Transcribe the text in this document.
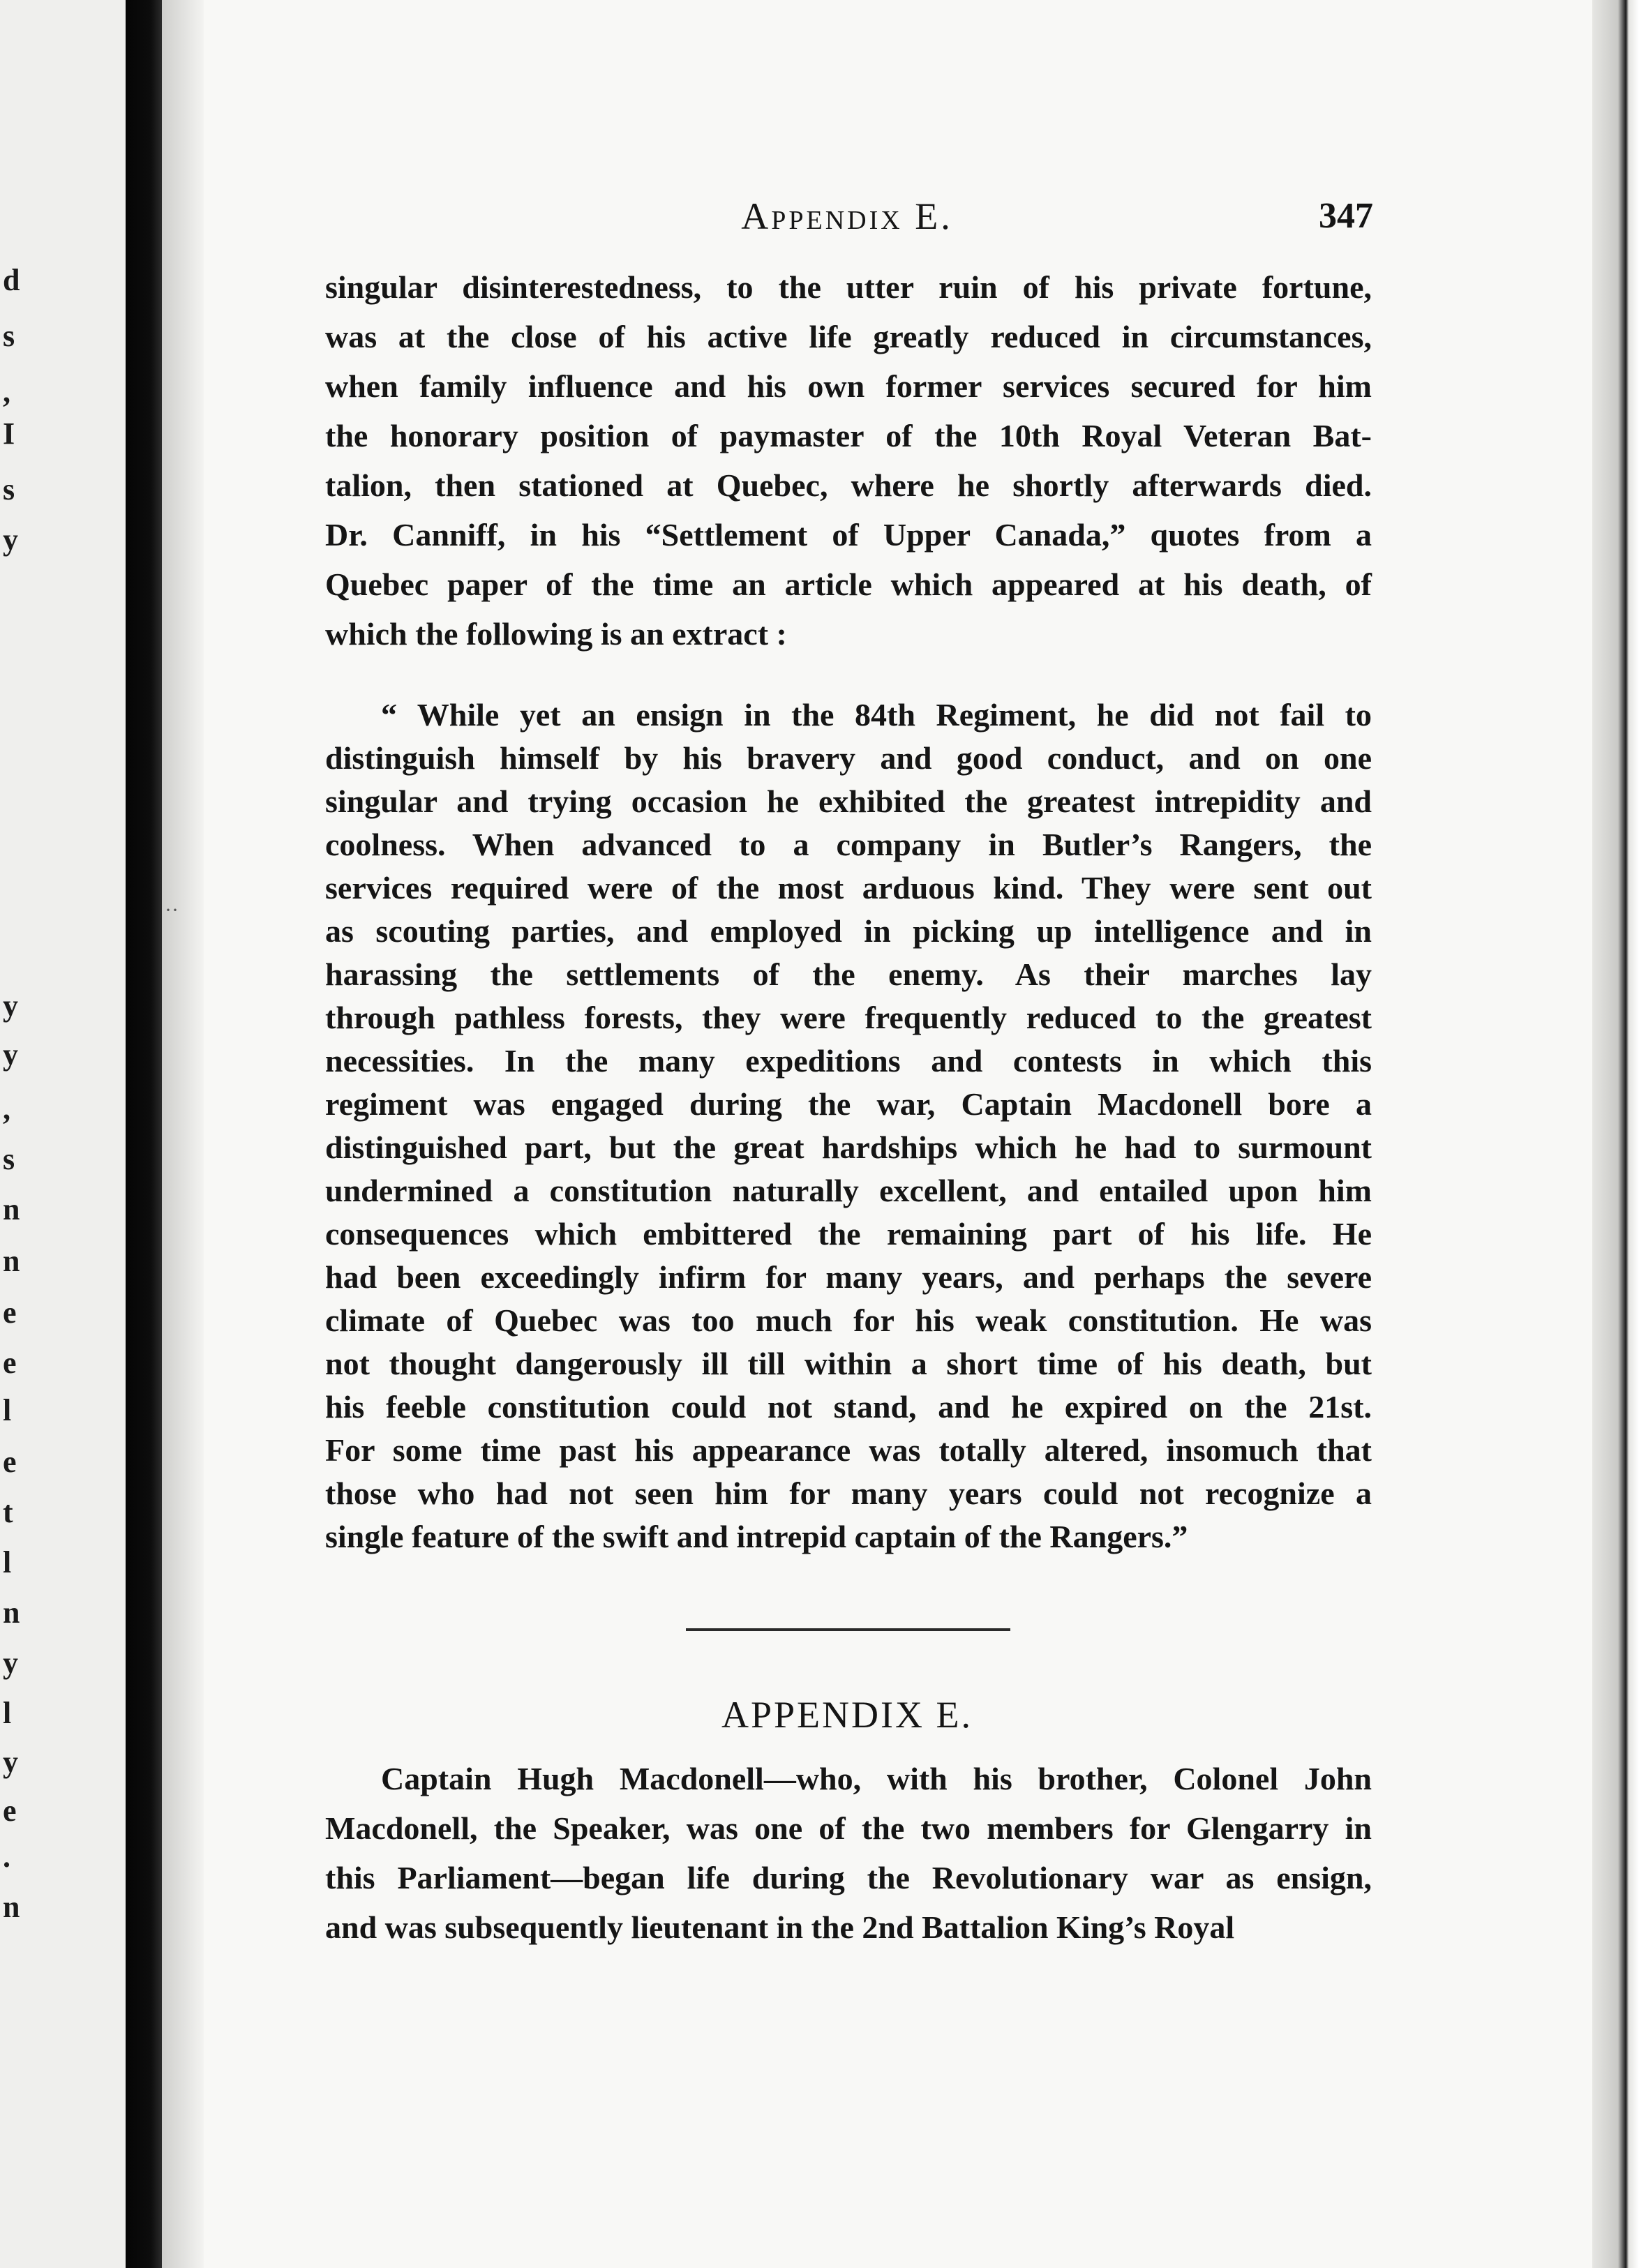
d
s
,
I
s
y
y
y
,
s
n
n
e
e
l
e
t
l
n
y
l
y
e
.
n
··
Appendix E.	347
singular disinterestedness, to the utter ruin of his private fortune,
was at the close of his active life greatly reduced in circumstances,
when family influence and his own former services secured for him
the honorary position of paymaster of the 10th Royal Veteran Bat-
talion, then stationed at Quebec, where he shortly afterwards died.
Dr. Canniff, in his “Settlement of Upper Canada,” quotes from a
Quebec paper of the time an article which appeared at his death, of
which the following is an extract :
“ While yet an ensign in the 84th Regiment, he did not fail to
distinguish himself by his bravery and good conduct, and on one
singular and trying occasion he exhibited the greatest intrepidity and
coolness. When advanced to a company in Butler’s Rangers, the
services required were of the most arduous kind. They were sent out
as scouting parties, and employed in picking up intelligence and in
harassing the settlements of the enemy. As their marches lay
through pathless forests, they were frequently reduced to the greatest
necessities. In the many expeditions and contests in which this
regiment was engaged during the war, Captain Macdonell bore a
distinguished part, but the great hardships which he had to surmount
undermined a constitution naturally excellent, and entailed upon him
consequences which embittered the remaining part of his life. He
had been exceedingly infirm for many years, and perhaps the severe
climate of Quebec was too much for his weak constitution. He was
not thought dangerously ill till within a short time of his death, but
his feeble constitution could not stand, and he expired on the 21st.
For some time past his appearance was totally altered, insomuch that
those who had not seen him for many years could not recognize a
single feature of the swift and intrepid captain of the Rangers.”
APPENDIX E.
Captain Hugh Macdonell—who, with his brother, Colonel John
Macdonell, the Speaker, was one of the two members for Glengarry in
this Parliament—began life during the Revolutionary war as ensign,
and was subsequently lieutenant in the 2nd Battalion King’s Royal
